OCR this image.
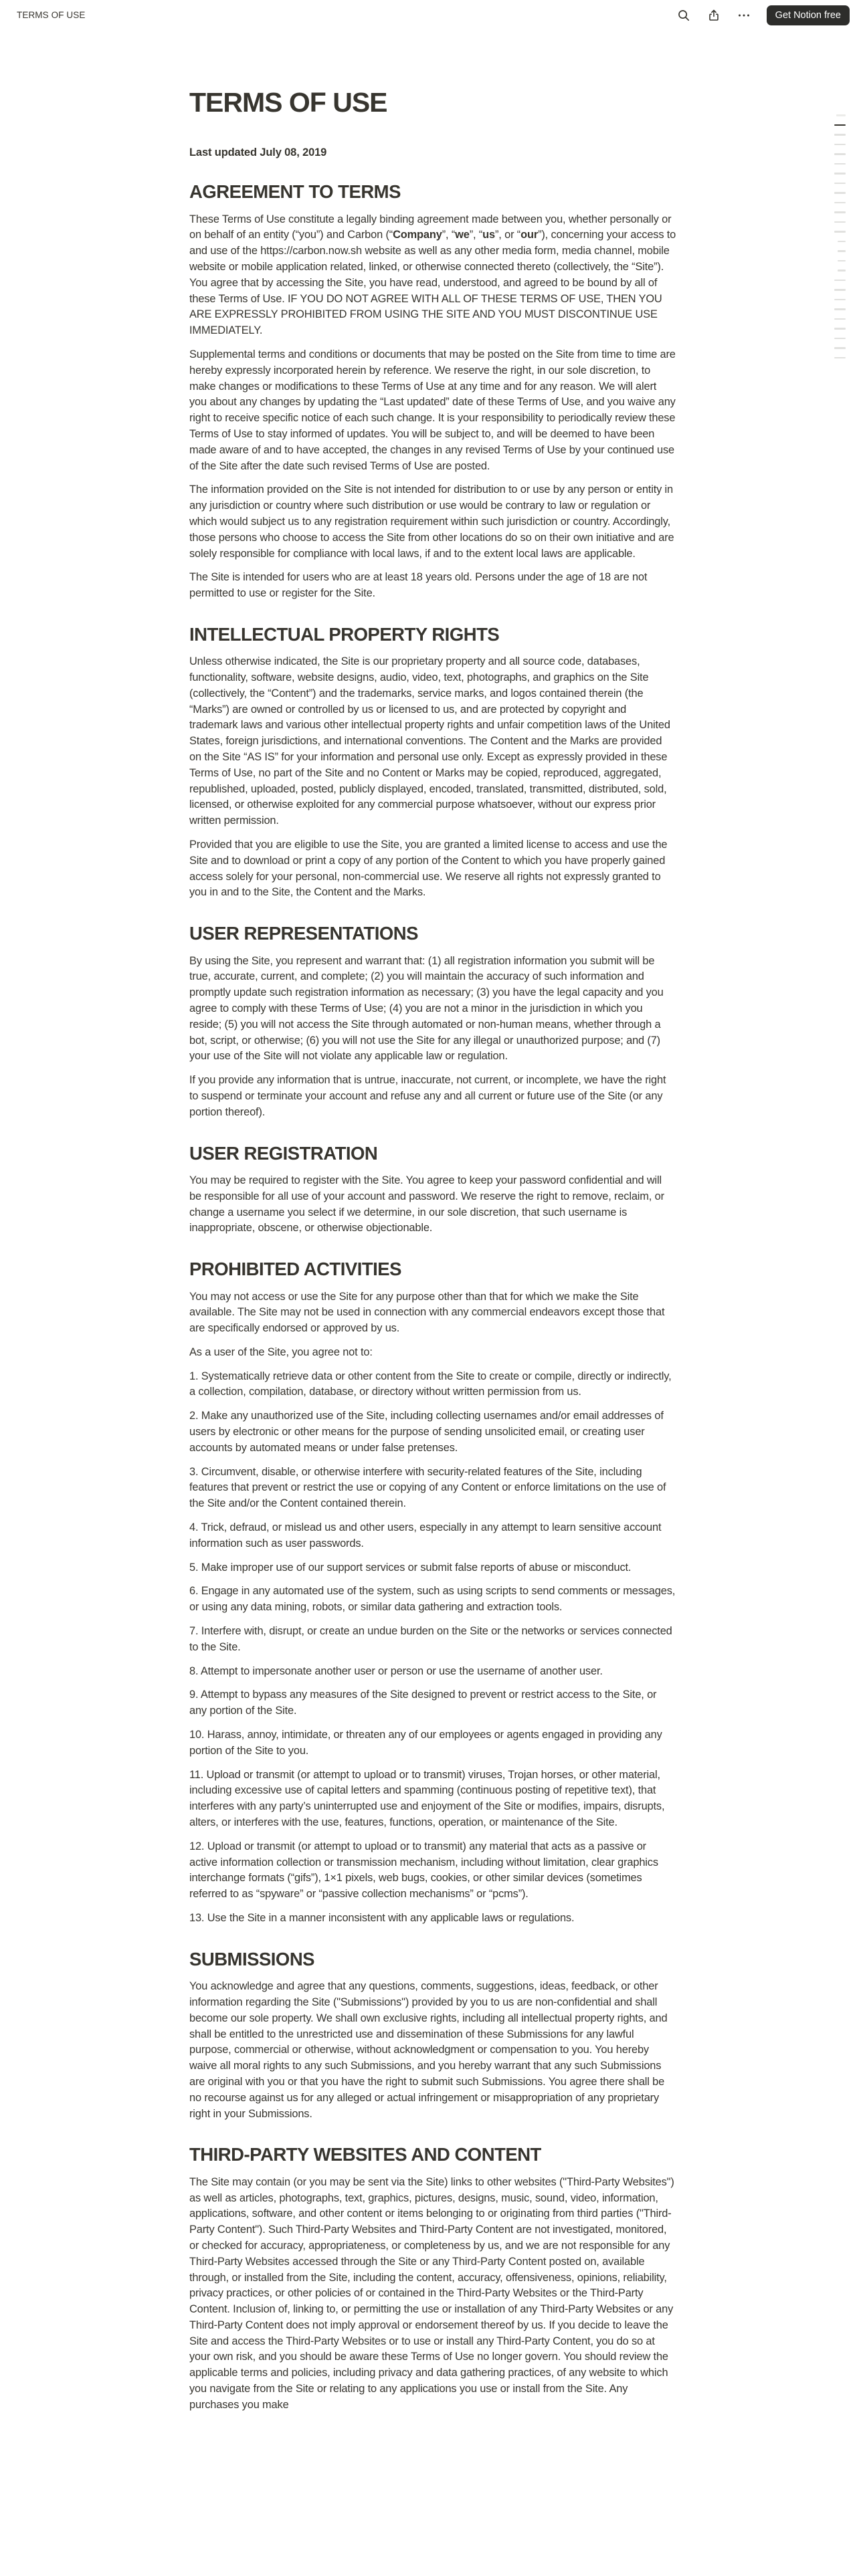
TERMS OF USE	Get Notion free
TERMS OF USE
Last updated July 08, 2019
AGREEMENT TO TERMS

These Terms of Use constitute a legally binding agreement made between you, whether personally or on behalf of an entity (“you”) and Carbon (“Company”, “we”, “us”, or “our”), concerning your access to and use of the https://carbon.now.sh website as well as any other media form, media channel, mobile website or mobile application related, linked, or otherwise connected thereto (collectively, the “Site”). You agree that by accessing the Site, you have read, understood, and agreed to be bound by all of these Terms of Use. IF YOU DO NOT AGREE WITH ALL OF THESE TERMS OF USE, THEN YOU ARE EXPRESSLY PROHIBITED FROM USING THE SITE AND YOU MUST DISCONTINUE USE IMMEDIATELY.

Supplemental terms and conditions or documents that may be posted on the Site from time to time are hereby expressly incorporated herein by reference. We reserve the right, in our sole discretion, to make changes or modifications to these Terms of Use at any time and for any reason. We will alert you about any changes by updating the “Last updated” date of these Terms of Use, and you waive any right to receive specific notice of each such change. It is your responsibility to periodically review these Terms of Use to stay informed of updates. You will be subject to, and will be deemed to have been made aware of and to have accepted, the changes in any revised Terms of Use by your continued use of the Site after the date such revised Terms of Use are posted.

The information provided on the Site is not intended for distribution to or use by any person or entity in any jurisdiction or country where such distribution or use would be contrary to law or regulation or which would subject us to any registration requirement within such jurisdiction or country. Accordingly, those persons who choose to access the Site from other locations do so on their own initiative and are solely responsible for compliance with local laws, if and to the extent local laws are applicable.

The Site is intended for users who are at least 18 years old. Persons under the age of 18 are not permitted to use or register for the Site.

INTELLECTUAL PROPERTY RIGHTS

Unless otherwise indicated, the Site is our proprietary property and all source code, databases, functionality, software, website designs, audio, video, text, photographs, and graphics on the Site (collectively, the “Content”) and the trademarks, service marks, and logos contained therein (the “Marks”) are owned or controlled by us or licensed to us, and are protected by copyright and trademark laws and various other intellectual property rights and unfair competition laws of the United States, foreign jurisdictions, and international conventions. The Content and the Marks are provided on the Site “AS IS” for your information and personal use only. Except as expressly provided in these Terms of Use, no part of the Site and no Content or Marks may be copied, reproduced, aggregated, republished, uploaded, posted, publicly displayed, encoded, translated, transmitted, distributed, sold, licensed, or otherwise exploited for any commercial purpose whatsoever, without our express prior written permission.

Provided that you are eligible to use the Site, you are granted a limited license to access and use the Site and to download or print a copy of any portion of the Content to which you have properly gained access solely for your personal, non-commercial use. We reserve all rights not expressly granted to you in and to the Site, the Content and the Marks.

USER REPRESENTATIONS

By using the Site, you represent and warrant that: (1) all registration information you submit will be true, accurate, current, and complete; (2) you will maintain the accuracy of such information and promptly update such registration information as necessary; (3) you have the legal capacity and you agree to comply with these Terms of Use; (4) you are not a minor in the jurisdiction in which you reside; (5) you will not access the Site through automated or non-human means, whether through a bot, script, or otherwise; (6) you will not use the Site for any illegal or unauthorized purpose; and (7) your use of the Site will not violate any applicable law or regulation.

If you provide any information that is untrue, inaccurate, not current, or incomplete, we have the right to suspend or terminate your account and refuse any and all current or future use of the Site (or any portion thereof).

USER REGISTRATION

You may be required to register with the Site. You agree to keep your password confidential and will be responsible for all use of your account and password. We reserve the right to remove, reclaim, or change a username you select if we determine, in our sole discretion, that such username is inappropriate, obscene, or otherwise objectionable.

PROHIBITED ACTIVITIES

You may not access or use the Site for any purpose other than that for which we make the Site available. The Site may not be used in connection with any commercial endeavors except those that are specifically endorsed or approved by us.

As a user of the Site, you agree not to:

1. Systematically retrieve data or other content from the Site to create or compile, directly or indirectly, a collection, compilation, database, or directory without written permission from us.

2. Make any unauthorized use of the Site, including collecting usernames and/or email addresses of users by electronic or other means for the purpose of sending unsolicited email, or creating user accounts by automated means or under false pretenses.

3. Circumvent, disable, or otherwise interfere with security-related features of the Site, including features that prevent or restrict the use or copying of any Content or enforce limitations on the use of the Site and/or the Content contained therein.

4. Trick, defraud, or mislead us and other users, especially in any attempt to learn sensitive account information such as user passwords.

5. Make improper use of our support services or submit false reports of abuse or misconduct.

6. Engage in any automated use of the system, such as using scripts to send comments or messages, or using any data mining, robots, or similar data gathering and extraction tools.

7. Interfere with, disrupt, or create an undue burden on the Site or the networks or services connected to the Site.

8. Attempt to impersonate another user or person or use the username of another user.

9. Attempt to bypass any measures of the Site designed to prevent or restrict access to the Site, or any portion of the Site.

10. Harass, annoy, intimidate, or threaten any of our employees or agents engaged in providing any portion of the Site to you.

11. Upload or transmit (or attempt to upload or to transmit) viruses, Trojan horses, or other material, including excessive use of capital letters and spamming (continuous posting of repetitive text), that interferes with any party’s uninterrupted use and enjoyment of the Site or modifies, impairs, disrupts, alters, or interferes with the use, features, functions, operation, or maintenance of the Site.

12. Upload or transmit (or attempt to upload or to transmit) any material that acts as a passive or active information collection or transmission mechanism, including without limitation, clear graphics interchange formats (“gifs”), 1×1 pixels, web bugs, cookies, or other similar devices (sometimes referred to as “spyware” or “passive collection mechanisms” or “pcms”).

13. Use the Site in a manner inconsistent with any applicable laws or regulations.

SUBMISSIONS

You acknowledge and agree that any questions, comments, suggestions, ideas, feedback, or other information regarding the Site ("Submissions") provided by you to us are non-confidential and shall become our sole property. We shall own exclusive rights, including all intellectual property rights, and shall be entitled to the unrestricted use and dissemination of these Submissions for any lawful purpose, commercial or otherwise, without acknowledgment or compensation to you. You hereby waive all moral rights to any such Submissions, and you hereby warrant that any such Submissions are original with you or that you have the right to submit such Submissions. You agree there shall be no recourse against us for any alleged or actual infringement or misappropriation of any proprietary right in your Submissions.

THIRD-PARTY WEBSITES AND CONTENT

The Site may contain (or you may be sent via the Site) links to other websites ("Third-Party Websites") as well as articles, photographs, text, graphics, pictures, designs, music, sound, video, information, applications, software, and other content or items belonging to or originating from third parties ("Third-Party Content"). Such Third-Party Websites and Third-Party Content are not investigated, monitored, or checked for accuracy, appropriateness, or completeness by us, and we are not responsible for any Third-Party Websites accessed through the Site or any Third-Party Content posted on, available through, or installed from the Site, including the content, accuracy, offensiveness, opinions, reliability, privacy practices, or other policies of or contained in the Third-Party Websites or the Third-Party Content. Inclusion of, linking to, or permitting the use or installation of any Third-Party Websites or any Third-Party Content does not imply approval or endorsement thereof by us. If you decide to leave the Site and access the Third-Party Websites or to use or install any Third-Party Content, you do so at your own risk, and you should be aware these Terms of Use no longer govern. You should review the applicable terms and policies, including privacy and data gathering practices, of any website to which you navigate from the Site or relating to any applications you use or install from the Site. Any purchases you make
